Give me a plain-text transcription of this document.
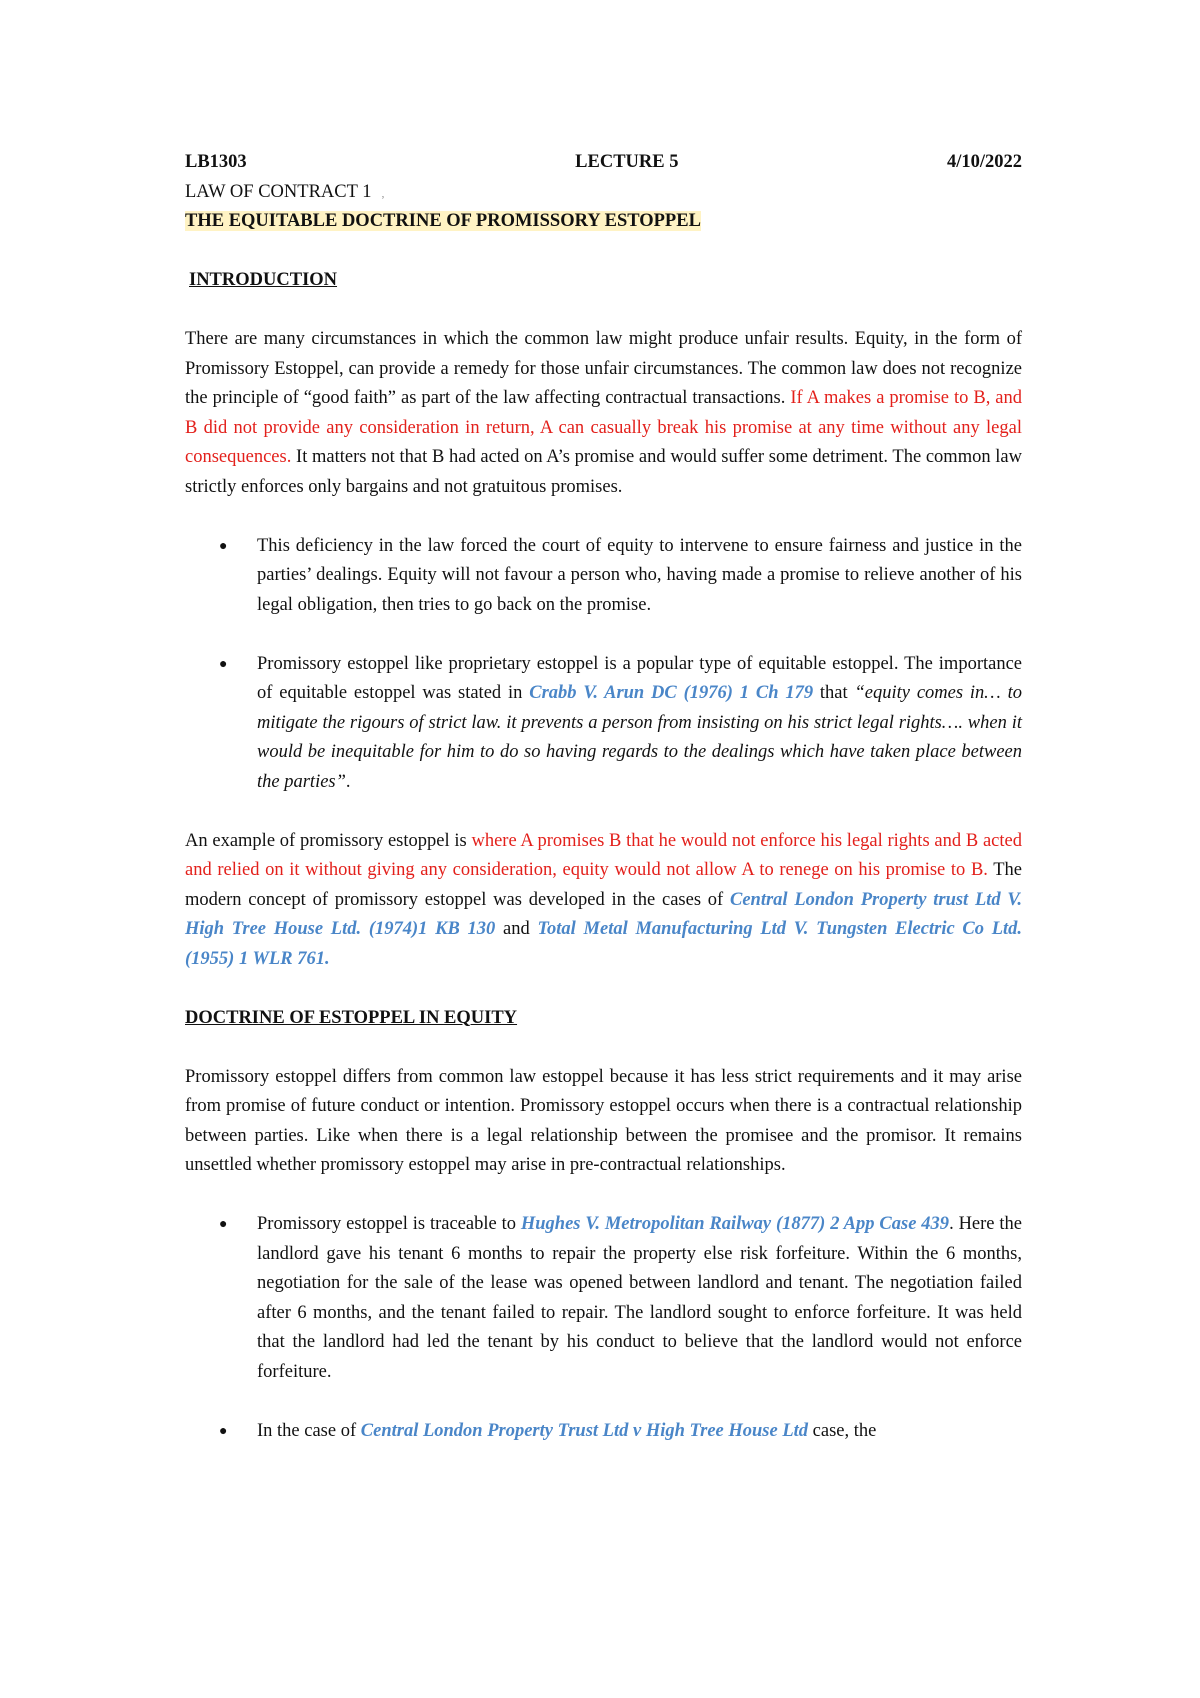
LB1303	LECTURE 5	4/10/2022
LAW OF CONTRACT 1 ,
THE EQUITABLE DOCTRINE OF PROMISSORY ESTOPPEL
INTRODUCTION

There are many circumstances in which the common law might produce unfair results. Equity, in the form of Promissory Estoppel, can provide a remedy for those unfair circumstances. The common law does not recognize the principle of “good faith” as part of the law affecting contractual transactions. If A makes a promise to B, and B did not provide any consideration in return, A can casually break his promise at any time without any legal consequences. It matters not that B had acted on A’s promise and would suffer some detriment. The common law strictly enforces only bargains and not gratuitous promises.

● This deficiency in the law forced the court of equity to intervene to ensure fairness and justice in the parties’ dealings. Equity will not favour a person who, having made a promise to relieve another of his legal obligation, then tries to go back on the promise.
● Promissory estoppel like proprietary estoppel is a popular type of equitable estoppel. The importance of equitable estoppel was stated in Crabb V. Arun DC (1976) 1 Ch 179 that “equity comes in… to mitigate the rigours of strict law. it prevents a person from insisting on his strict legal rights…. when it would be inequitable for him to do so having regards to the dealings which have taken place between the parties”.

An example of promissory estoppel is where A promises B that he would not enforce his legal rights and B acted and relied on it without giving any consideration, equity would not allow A to renege on his promise to B. The modern concept of promissory estoppel was developed in the cases of Central London Property trust Ltd V. High Tree House Ltd. (1974)1 KB 130 and Total Metal Manufacturing Ltd V. Tungsten Electric Co Ltd. (1955) 1 WLR 761.

DOCTRINE OF ESTOPPEL IN EQUITY

Promissory estoppel differs from common law estoppel because it has less strict requirements and it may arise from promise of future conduct or intention. Promissory estoppel occurs when there is a contractual relationship between parties. Like when there is a legal relationship between the promisee and the promisor. It remains unsettled whether promissory estoppel may arise in pre-contractual relationships.

● Promissory estoppel is traceable to Hughes V. Metropolitan Railway (1877) 2 App Case 439. Here the landlord gave his tenant 6 months to repair the property else risk forfeiture. Within the 6 months, negotiation for the sale of the lease was opened between landlord and tenant. The negotiation failed after 6 months, and the tenant failed to repair. The landlord sought to enforce forfeiture. It was held that the landlord had led the tenant by his conduct to believe that the landlord would not enforce forfeiture.
● In the case of Central London Property Trust Ltd v High Tree House Ltd case, the
